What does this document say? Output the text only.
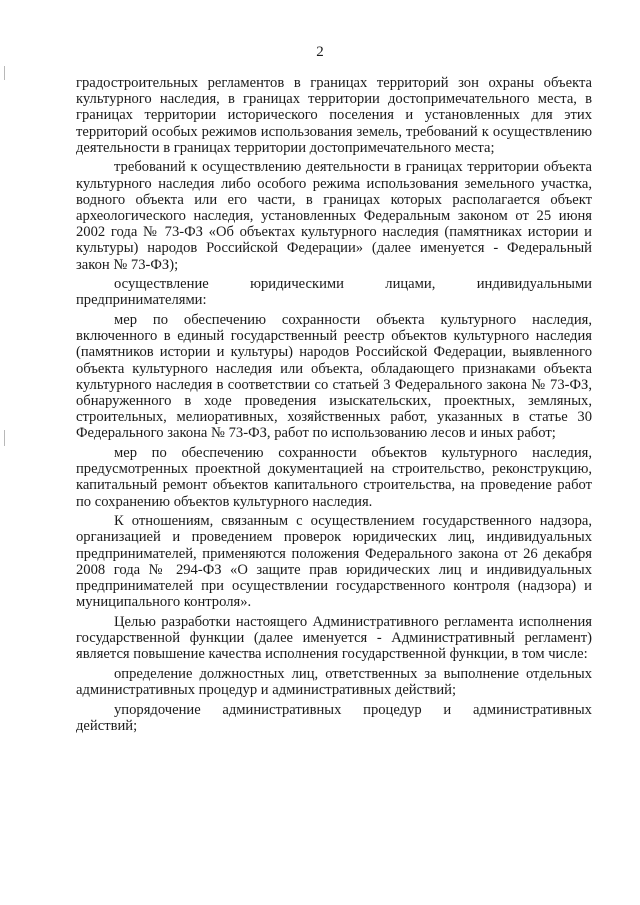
2

градостроительных регламентов в границах территорий зон охраны объекта культурного наследия, в границах территории достопримечательного места, в границах территории исторического поселения и установленных для этих территорий особых режимов использования земель, требований к осуществлению деятельности в границах территории достопримечательного места;

требований к осуществлению деятельности в границах территории объекта культурного наследия либо особого режима использования земельного участка, водного объекта или его части, в границах которых располагается объект археологического наследия, установленных Федеральным законом от 25 июня 2002 года № 73-ФЗ «Об объектах культурного наследия (памятниках истории и культуры) народов Российской Федерации» (далее именуется - Федеральный закон № 73-ФЗ);

осуществление	юридическими	лицами,	индивидуальными

предпринимателями:

мер по обеспечению сохранности объекта культурного наследия, включенного в единый государственный реестр объектов культурного наследия (памятников истории и культуры) народов Российской Федерации, выявленного объекта культурного наследия или объекта, обладающего признаками объекта культурного наследия в соответствии со статьей 3 Федерального закона № 73-ФЗ, обнаруженного в ходе проведения изыскательских, проектных, земляных, строительных, мелиоративных, хозяйственных работ, указанных в статье 30 Федерального закона № 73-ФЗ, работ по использованию лесов и иных работ;

мер по обеспечению сохранности объектов культурного наследия, предусмотренных проектной документацией на строительство, реконструкцию, капитальный ремонт объектов капитального строительства, на проведение работ по сохранению объектов культурного наследия.

К отношениям, связанным с осуществлением государственного надзора, организацией и проведением проверок юридических лиц, индивидуальных предпринимателей, применяются положения Федерального закона от 26 декабря 2008 года № 294-ФЗ «О защите прав юридических лиц и индивидуальных предпринимателей при осуществлении государственного контроля (надзора) и муниципального контроля».

Целью разработки настоящего Административного регламента исполнения государственной функции (далее именуется - Административный регламент) является повышение качества исполнения государственной функции, в том числе:

определение должностных лиц, ответственных за выполнение отдельных административных процедур и административных действий;

упорядочение административных процедур и административных

действий;
